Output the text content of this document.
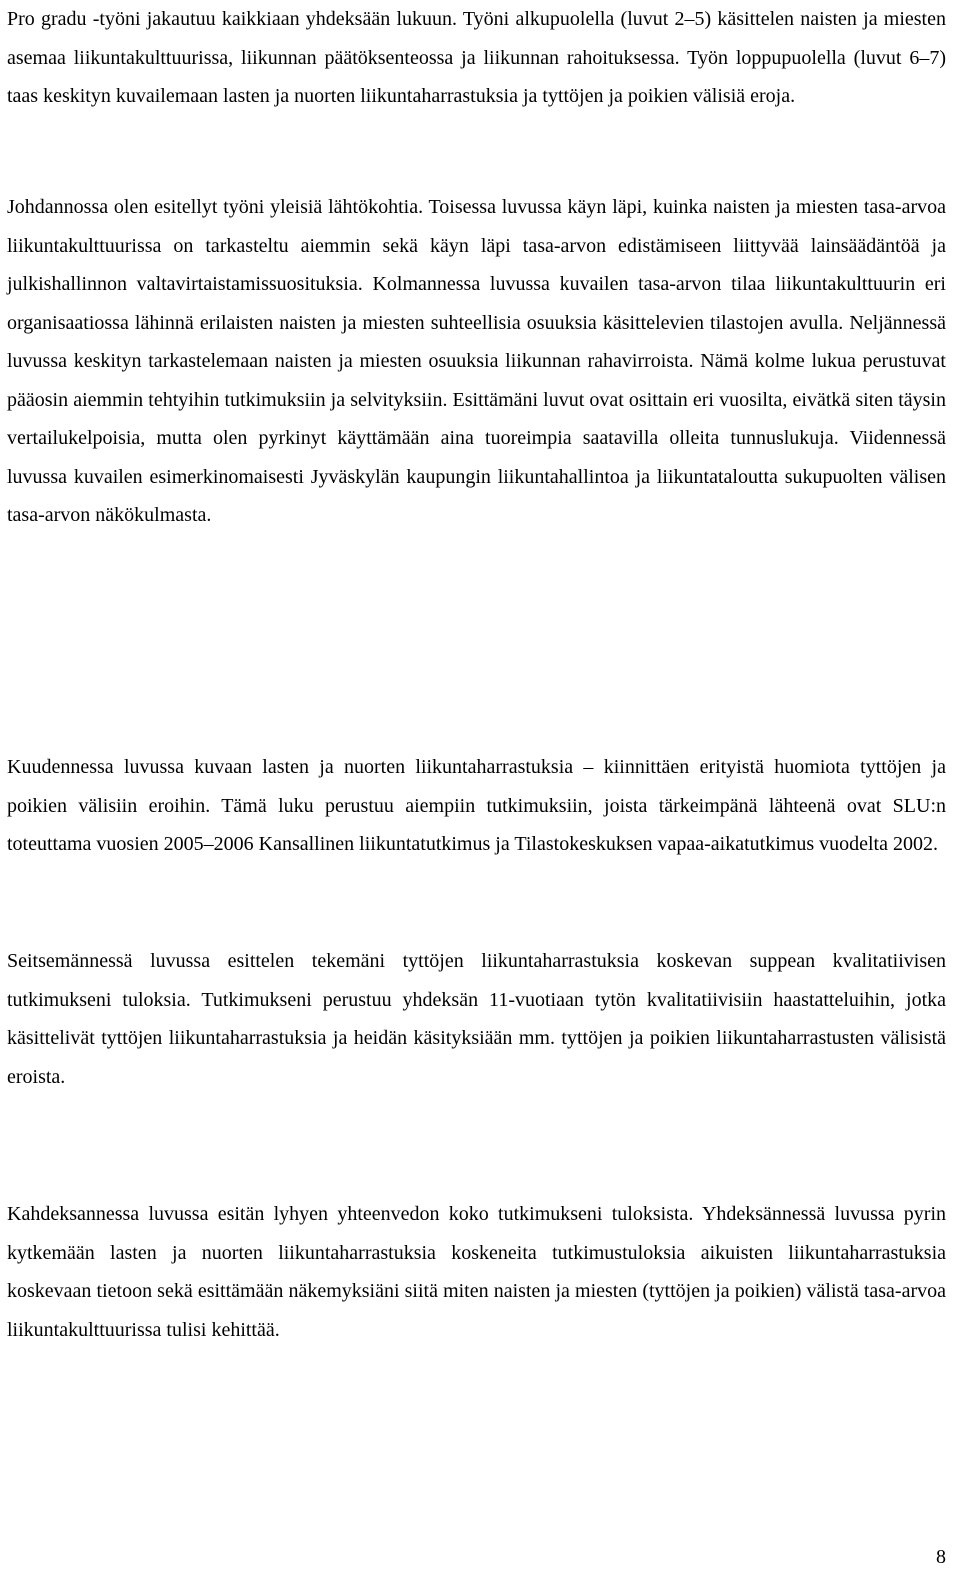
Pro gradu -työni jakautuu kaikkiaan yhdeksään lukuun. Työni alkupuolella (luvut 2–5) käsittelen naisten ja miesten asemaa liikuntakulttuurissa, liikunnan päätöksenteossa ja liikunnan rahoituksessa. Työn loppupuolella (luvut 6–7) taas keskityn kuvailemaan lasten ja nuorten liikuntaharrastuksia ja tyttöjen ja poikien välisiä eroja.

Johdannossa olen esitellyt työni yleisiä lähtökohtia. Toisessa luvussa käyn läpi, kuinka naisten ja miesten tasa-arvoa liikuntakulttuurissa on tarkasteltu aiemmin sekä käyn läpi tasa-arvon edistämiseen liittyvää lainsäädäntöä ja julkishallinnon valtavirtaistamissuosituksia. Kolmannessa luvussa kuvailen tasa-arvon tilaa liikuntakulttuurin eri organisaatiossa lähinnä erilaisten naisten ja miesten suhteellisia osuuksia käsittelevien tilastojen avulla. Neljännessä luvussa keskityn tarkastelemaan naisten ja miesten osuuksia liikunnan rahavirroista. Nämä kolme lukua perustuvat pääosin aiemmin tehtyihin tutkimuksiin ja selvityksiin. Esittämäni luvut ovat osittain eri vuosilta, eivätkä siten täysin vertailukelpoisia, mutta olen pyrkinyt käyttämään aina tuoreimpia saatavilla olleita tunnuslukuja. Viidennessä luvussa kuvailen esimerkinomaisesti Jyväskylän kaupungin liikuntahallintoa ja liikuntataloutta sukupuolten välisen tasa-arvon näkökulmasta.

Kuudennessa luvussa kuvaan lasten ja nuorten liikuntaharrastuksia – kiinnittäen erityistä huomiota tyttöjen ja poikien välisiin eroihin. Tämä luku perustuu aiempiin tutkimuksiin, joista tärkeimpänä lähteenä ovat SLU:n toteuttama vuosien 2005–2006 Kansallinen liikuntatutkimus ja Tilastokeskuksen vapaa-aikatutkimus vuodelta 2002.

Seitsemännessä luvussa esittelen tekemäni tyttöjen liikuntaharrastuksia koskevan suppean kvalitatiivisen tutkimukseni tuloksia. Tutkimukseni perustuu yhdeksän 11-vuotiaan tytön kvalitatiivisiin haastatteluihin, jotka käsittelivät tyttöjen liikuntaharrastuksia ja heidän käsityksiään mm. tyttöjen ja poikien liikuntaharrastusten välisistä eroista.

Kahdeksannessa luvussa esitän lyhyen yhteenvedon koko tutkimukseni tuloksista. Yhdeksännessä luvussa pyrin kytkemään lasten ja nuorten liikuntaharrastuksia koskeneita tutkimustuloksia aikuisten liikuntaharrastuksia koskevaan tietoon sekä esittämään näkemyksiäni siitä miten naisten ja miesten (tyttöjen ja poikien) välistä tasa-arvoa liikuntakulttuurissa tulisi kehittää.

8
